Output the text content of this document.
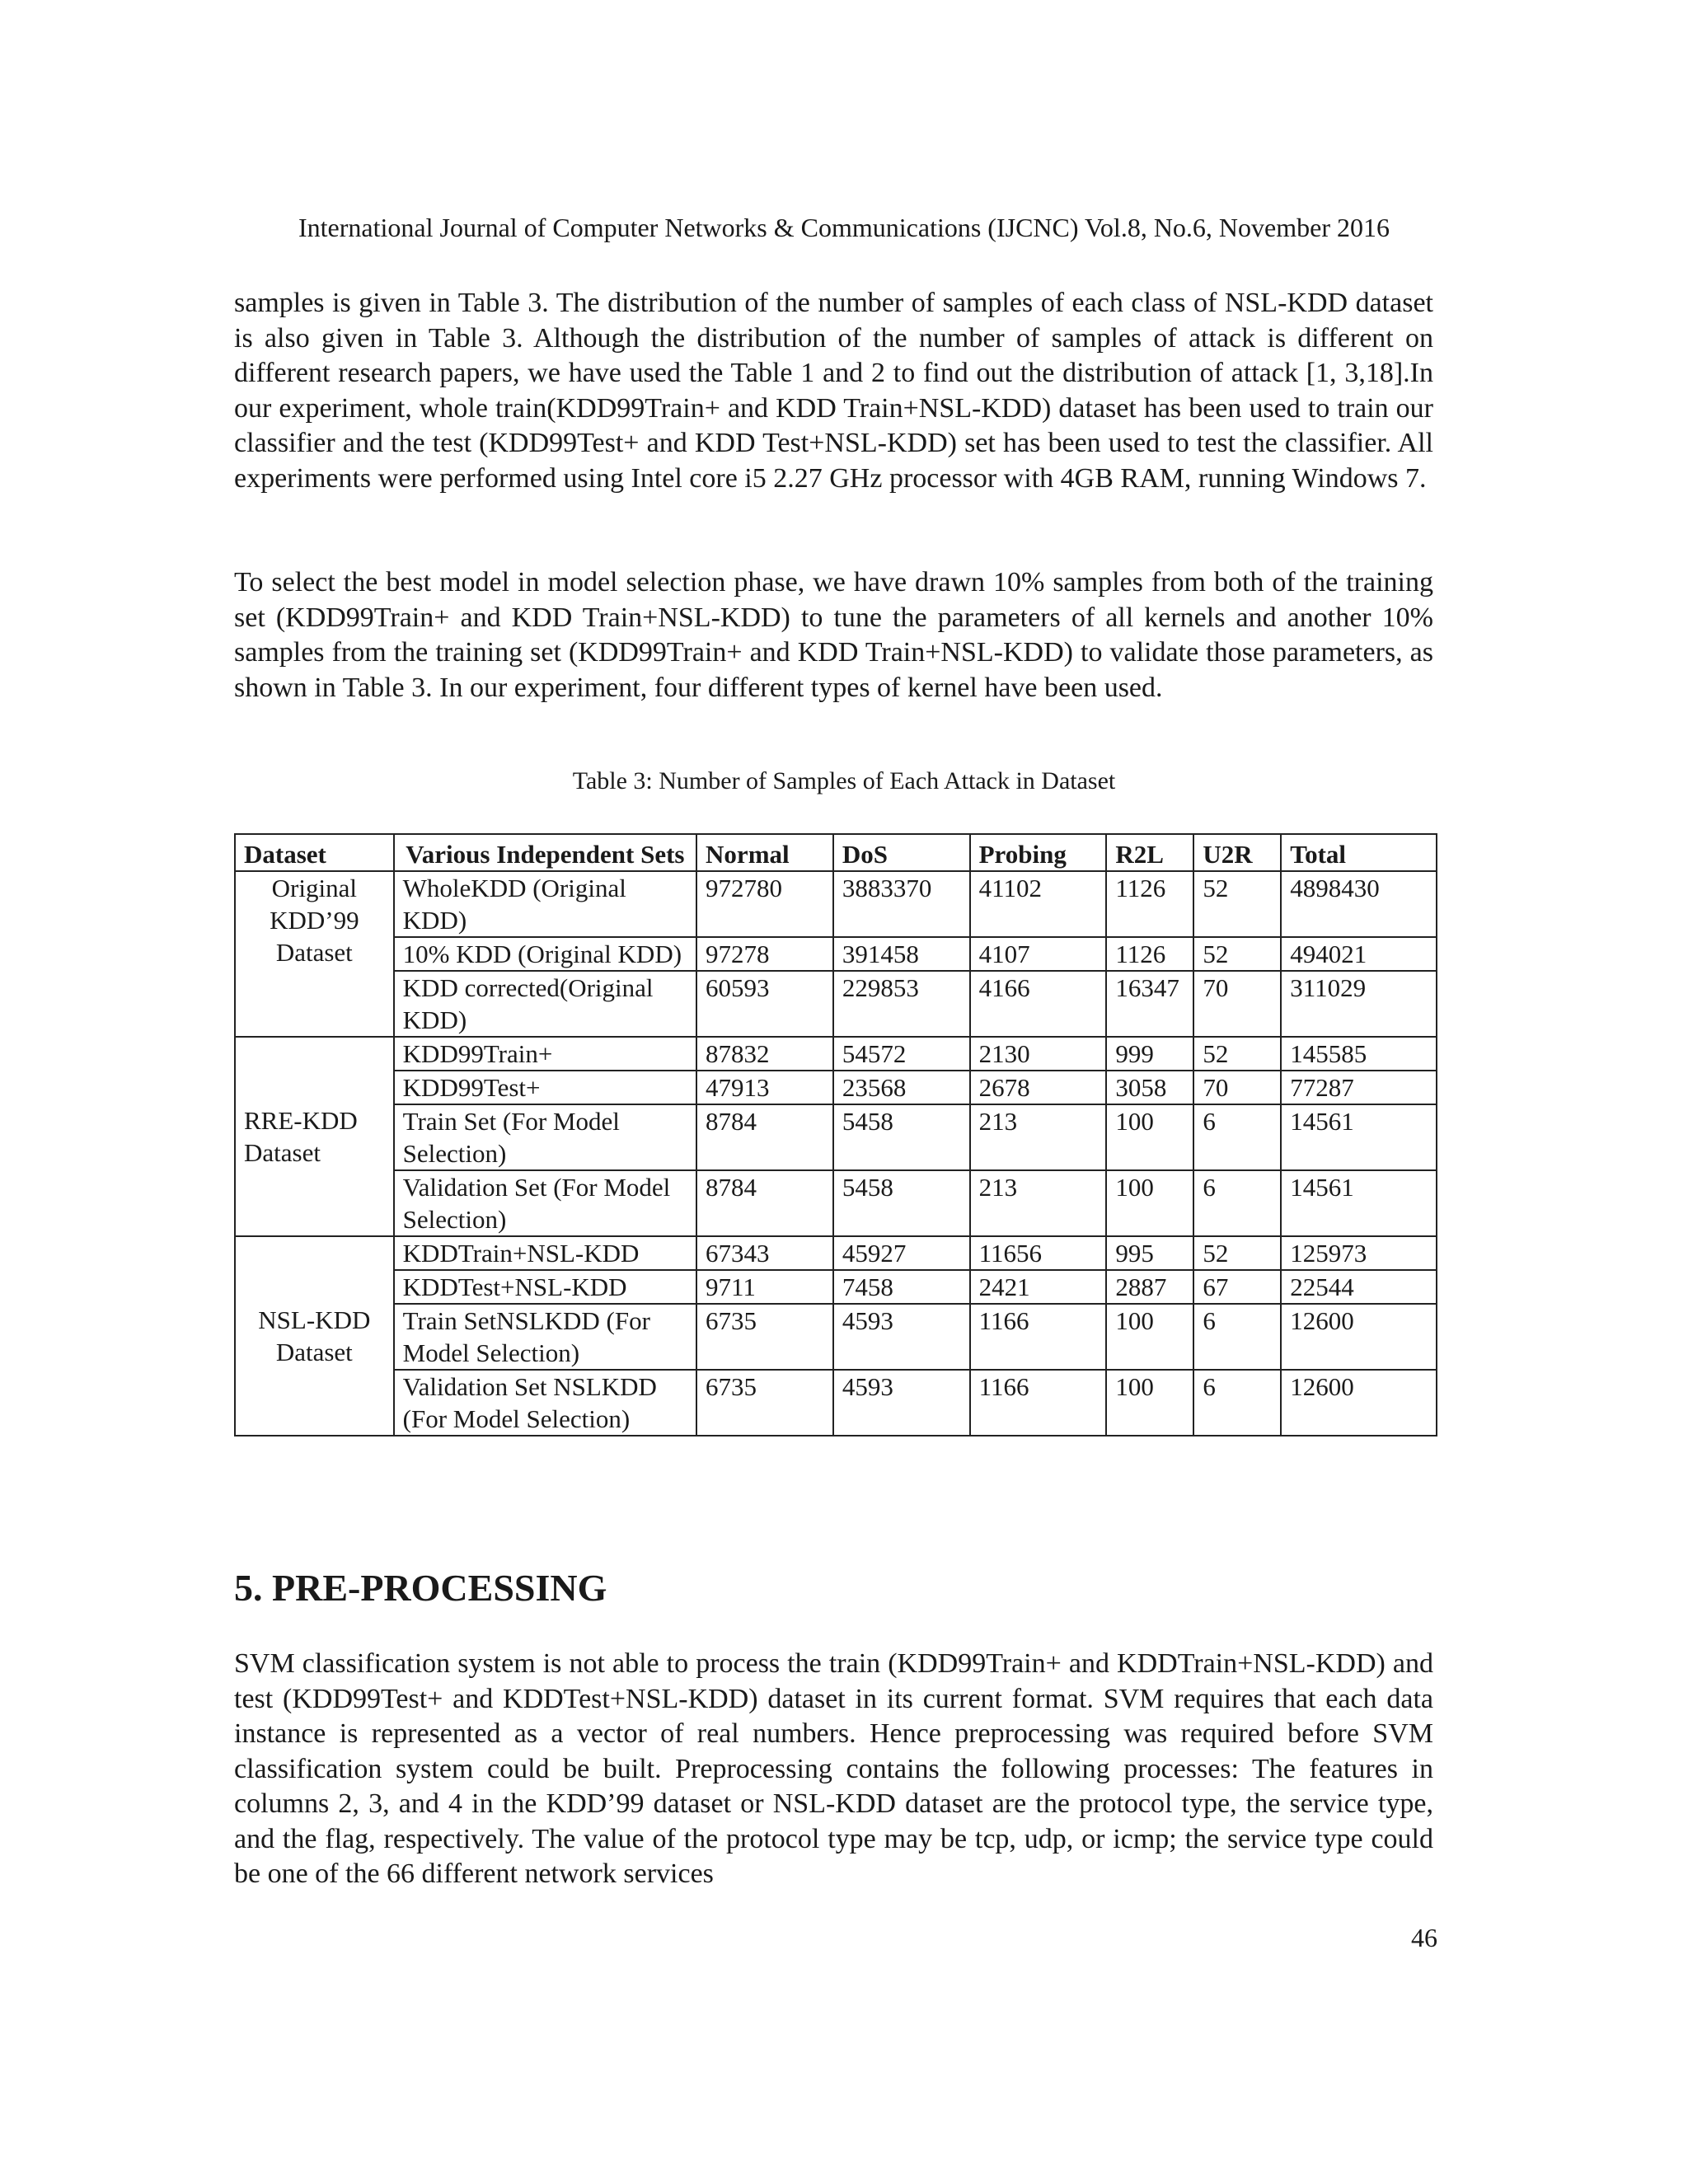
International Journal of Computer Networks & Communications (IJCNC) Vol.8, No.6, November 2016

samples is given in Table 3. The distribution of the number of samples of each class of NSL-KDD dataset is also given in Table 3. Although the distribution of the number of samples of attack is different on different research papers, we have used the Table 1 and 2 to find out the distribution of attack [1, 3,18].In our experiment, whole train(KDD99Train+ and KDD Train+NSL-KDD) dataset has been used to train our classifier and the test (KDD99Test+ and KDD Test+NSL-KDD) set has been used to test the classifier. All experiments were performed using Intel core i5 2.27 GHz processor with 4GB RAM, running Windows 7.

To select the best model in model selection phase, we have drawn 10% samples from both of the training set (KDD99Train+ and KDD Train+NSL-KDD) to tune the parameters of all kernels and another 10% samples from the training set (KDD99Train+ and KDD Train+NSL-KDD) to validate those parameters, as shown in Table 3. In our experiment, four different types of kernel have been used.

Table 3: Number of Samples of Each Attack in Dataset
Dataset	Various Independent Sets	Normal	DoS	Probing	R2L	U2R	Total
Original KDD’99 Dataset	WholeKDD (Original KDD)	972780	3883370	41102	1126	52	4898430
	10% KDD (Original KDD)	97278	391458	4107	1126	52	494021
	KDD corrected(Original KDD)	60593	229853	4166	16347	70	311029
RRE-KDD Dataset	KDD99Train+	87832	54572	2130	999	52	145585
	KDD99Test+	47913	23568	2678	3058	70	77287
	Train Set (For Model Selection)	8784	5458	213	100	6	14561
	Validation Set (For Model Selection)	8784	5458	213	100	6	14561
NSL-KDD Dataset	KDDTrain+NSL-KDD	67343	45927	11656	995	52	125973
	KDDTest+NSL-KDD	9711	7458	2421	2887	67	22544
	Train SetNSLKDD (For Model Selection)	6735	4593	1166	100	6	12600
	Validation Set NSLKDD (For Model Selection)	6735	4593	1166	100	6	12600
5. PRE-PROCESSING

SVM classification system is not able to process the train (KDD99Train+ and KDDTrain+NSL-KDD) and test (KDD99Test+ and KDDTest+NSL-KDD) dataset in its current format. SVM requires that each data instance is represented as a vector of real numbers. Hence preprocessing was required before SVM classification system could be built. Preprocessing contains the following processes: The features in columns 2, 3, and 4 in the KDD’99 dataset or NSL-KDD dataset are the protocol type, the service type, and the flag, respectively. The value of the protocol type may be tcp, udp, or icmp; the service type could be one of the 66 different network services

46
